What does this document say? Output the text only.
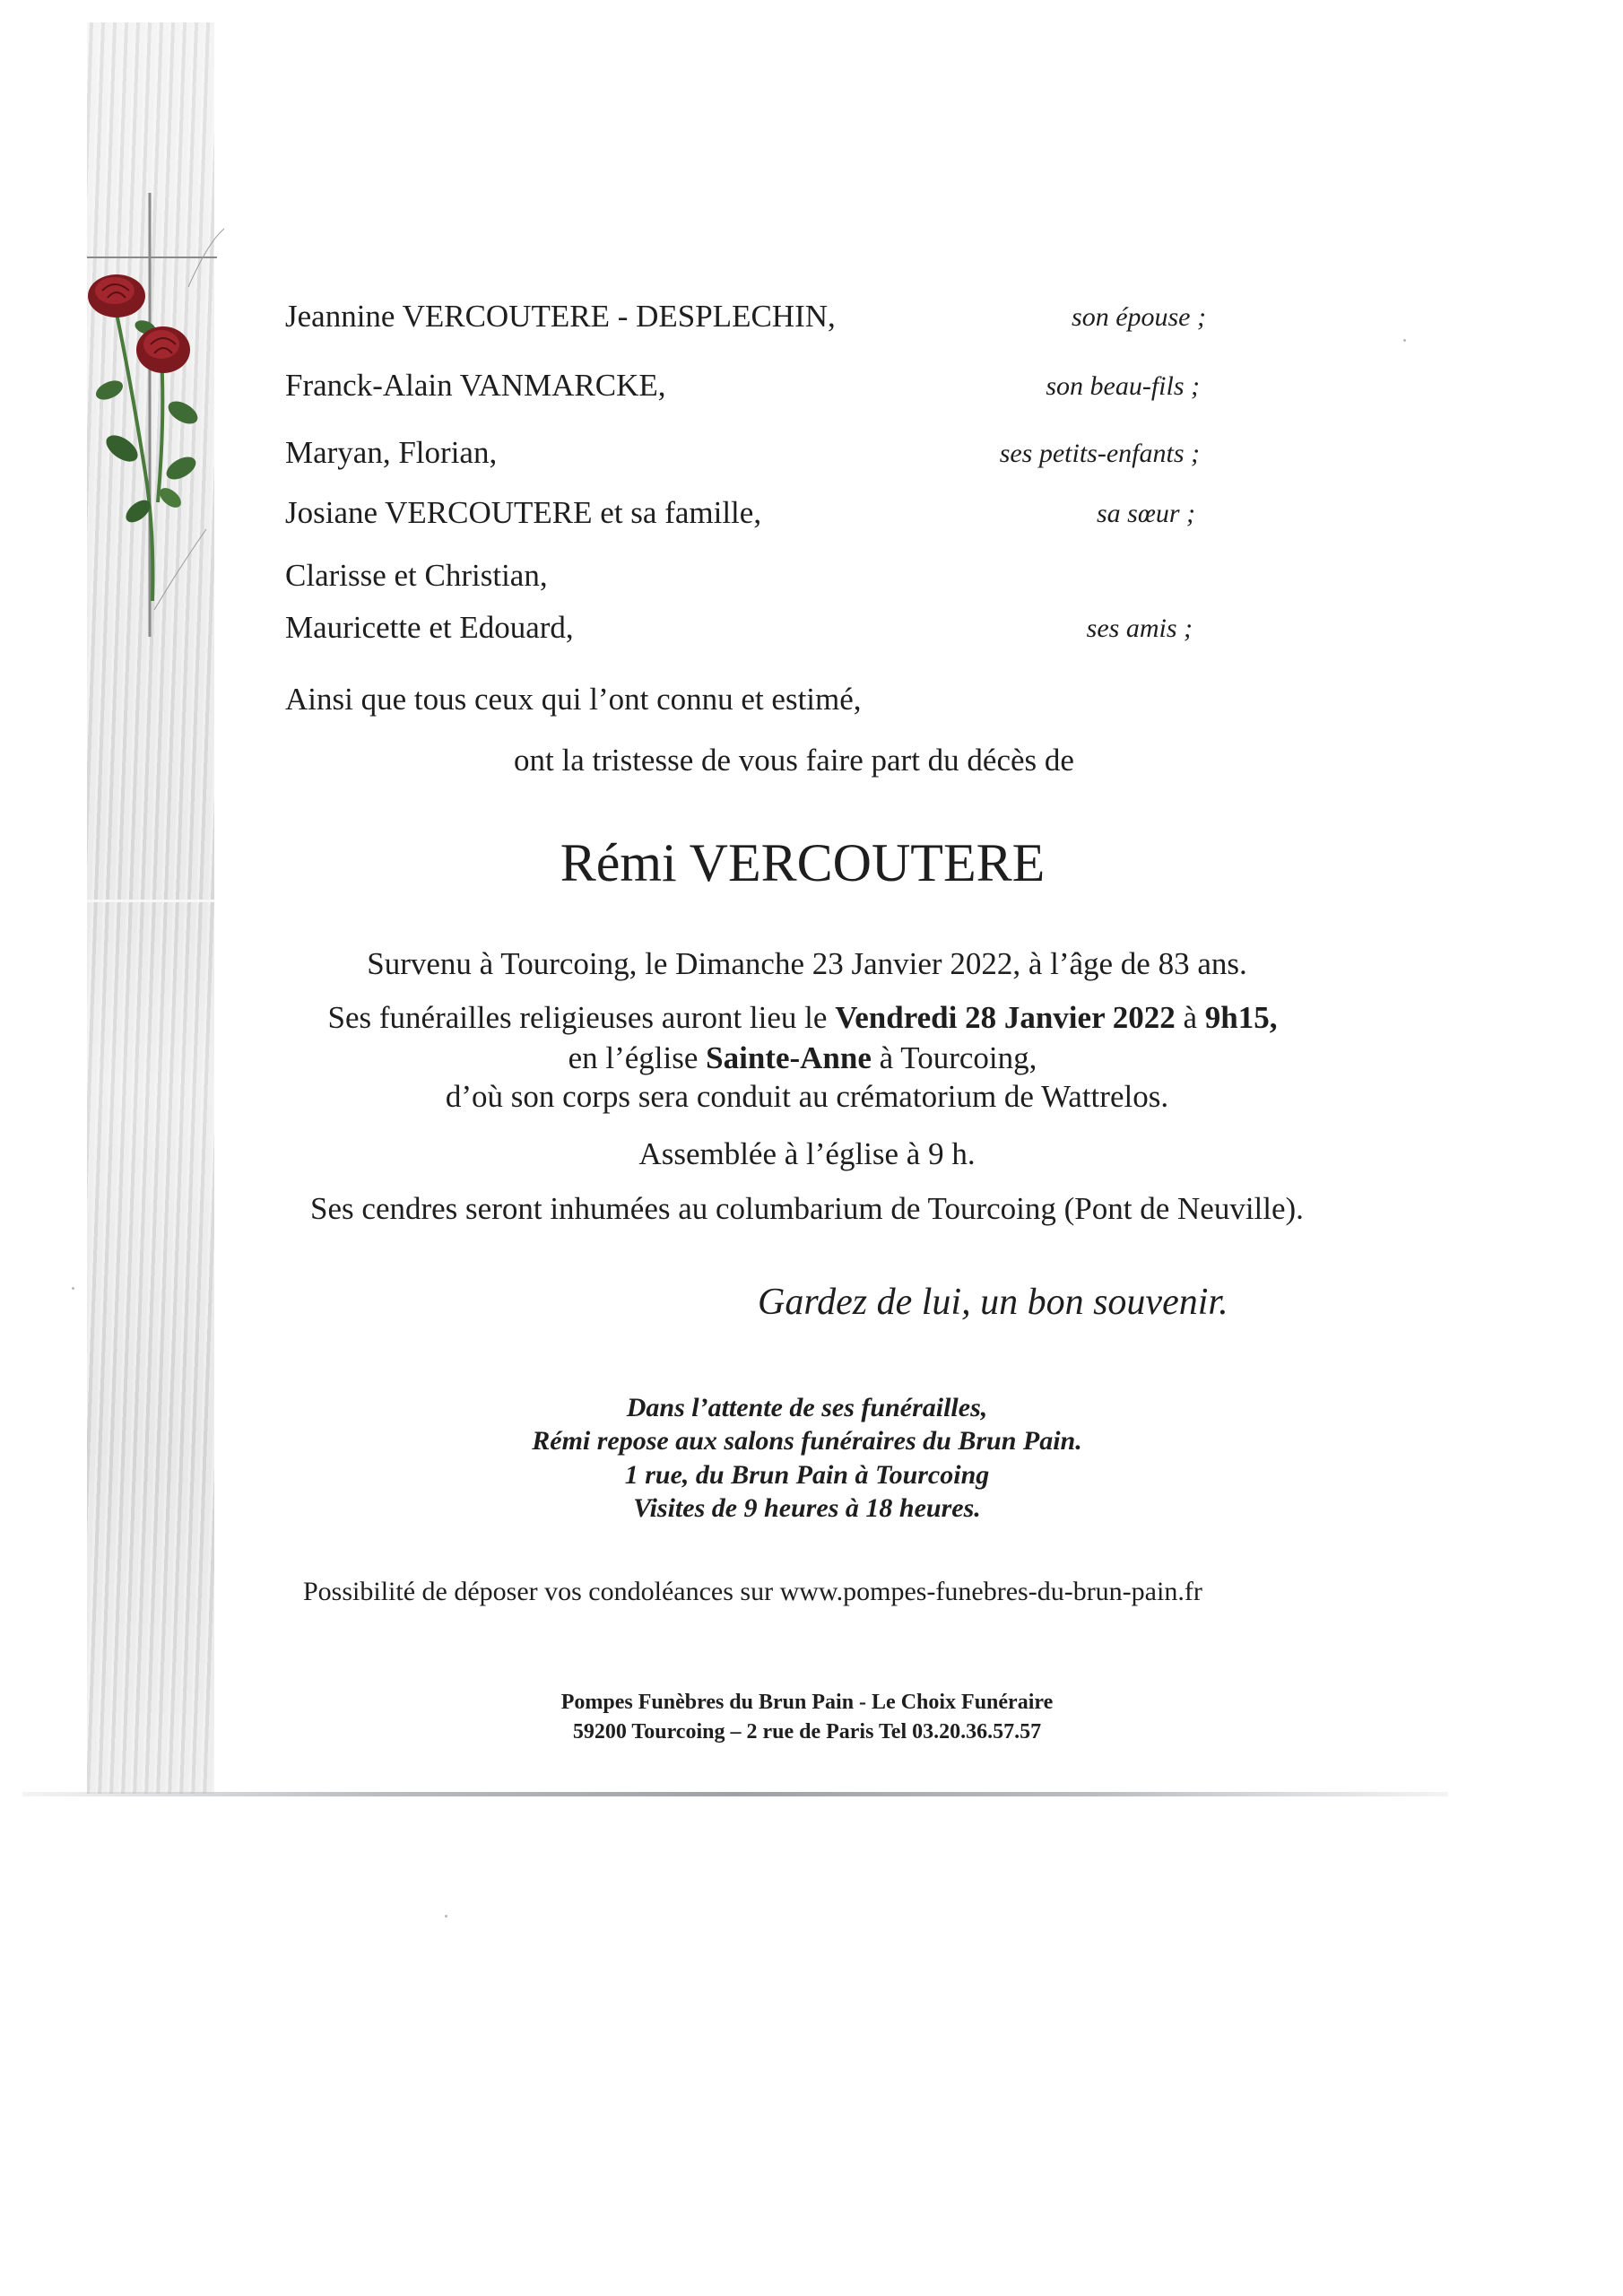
Jeannine VERCOUTERE - DESPLECHIN,	son épouse ;
Franck-Alain VANMARCKE,	son beau-fils ;
Maryan, Florian,	ses petits-enfants ;
Josiane VERCOUTERE et sa famille,	sa sœur ;
Clarisse et Christian,
Mauricette et Edouard,	ses amis ;
Ainsi que tous ceux qui l’ont connu et estimé,
ont la tristesse de vous faire part du décès de
Rémi VERCOUTERE
Survenu à Tourcoing, le Dimanche 23 Janvier 2022, à l’âge de 83 ans.
Ses funérailles religieuses auront lieu le Vendredi 28 Janvier 2022 à 9h15,
en l’église Sainte-Anne à Tourcoing,
d’où son corps sera conduit au crématorium de Wattrelos.
Assemblée à l’église à 9 h.
Ses cendres seront inhumées au columbarium de Tourcoing (Pont de Neuville).
Gardez de lui, un bon souvenir.
Dans l’attente de ses funérailles,
Rémi repose aux salons funéraires du Brun Pain.
1 rue, du Brun Pain à Tourcoing
Visites de 9 heures à 18 heures.
Possibilité de déposer vos condoléances sur www.pompes-funebres-du-brun-pain.fr
Pompes Funèbres du Brun Pain - Le Choix Funéraire
59200 Tourcoing – 2 rue de Paris Tel 03.20.36.57.57
